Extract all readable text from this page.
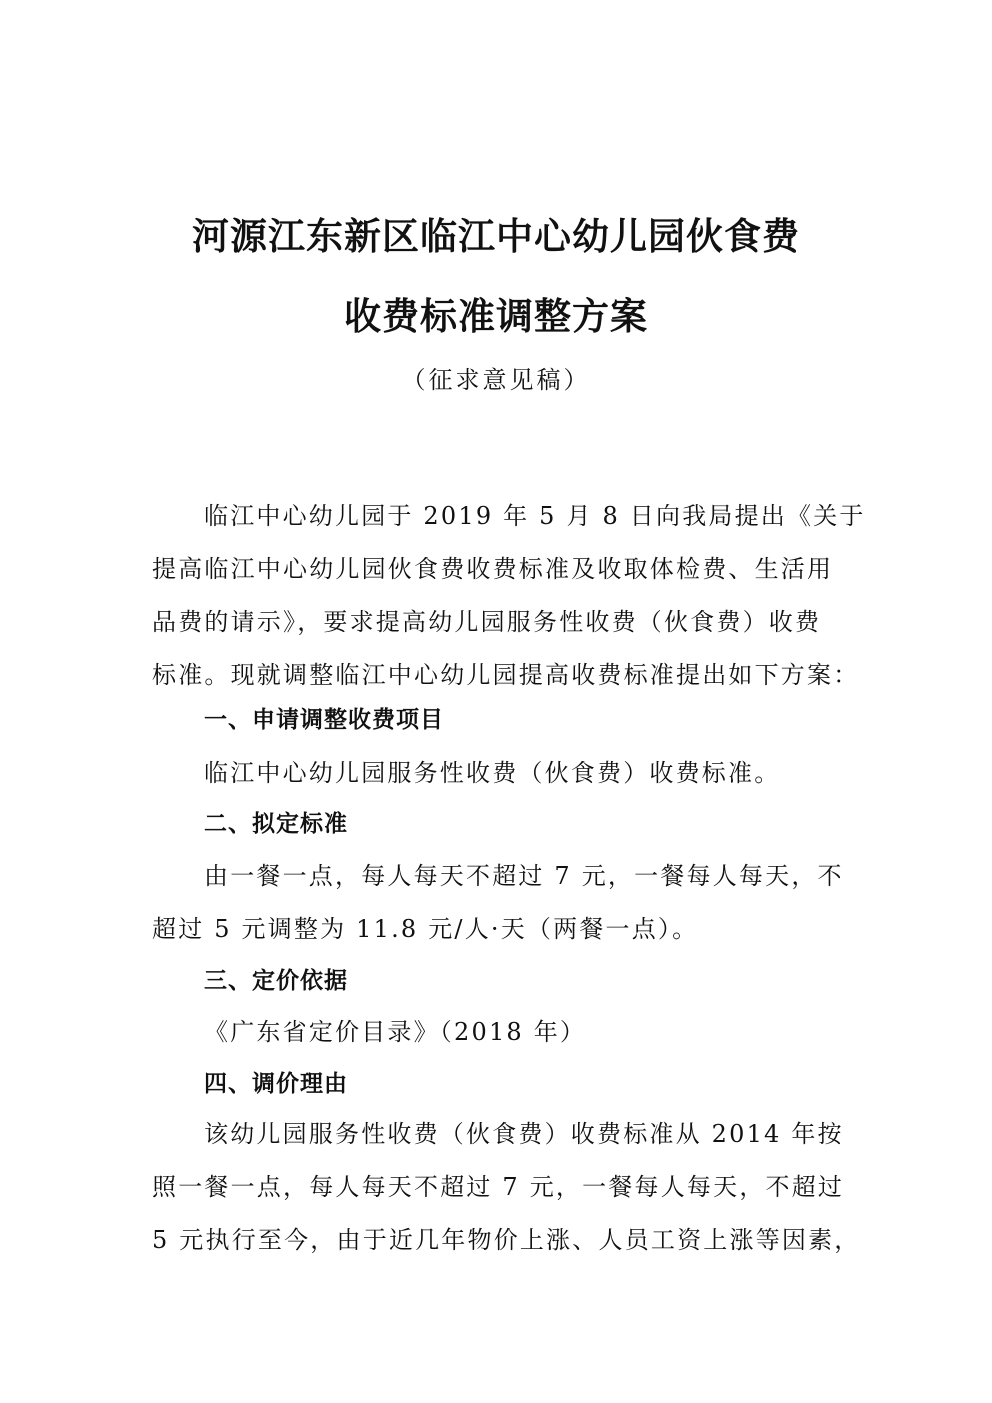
河源江东新区临江中心幼儿园伙食费
收费标准调整方案
（征求意见稿）
临江中心幼儿园于 2019 年 5 月 8 日向我局提出《关于
提高临江中心幼儿园伙食费收费标准及收取体检费、生活用
品费的请示》，要求提高幼儿园服务性收费（伙食费）收费
标准。现就调整临江中心幼儿园提高收费标准提出如下方案：
一、申请调整收费项目
临江中心幼儿园服务性收费（伙食费）收费标准。
二、拟定标准
由一餐一点，每人每天不超过 7 元，一餐每人每天，不
超过 5 元调整为 11.8 元/人·天（两餐一点）。
三、定价依据
《广东省定价目录》（2018 年）
四、调价理由
该幼儿园服务性收费（伙食费）收费标准从 2014 年按
照一餐一点，每人每天不超过 7 元，一餐每人每天，不超过
5 元执行至今，由于近几年物价上涨、人员工资上涨等因素，
